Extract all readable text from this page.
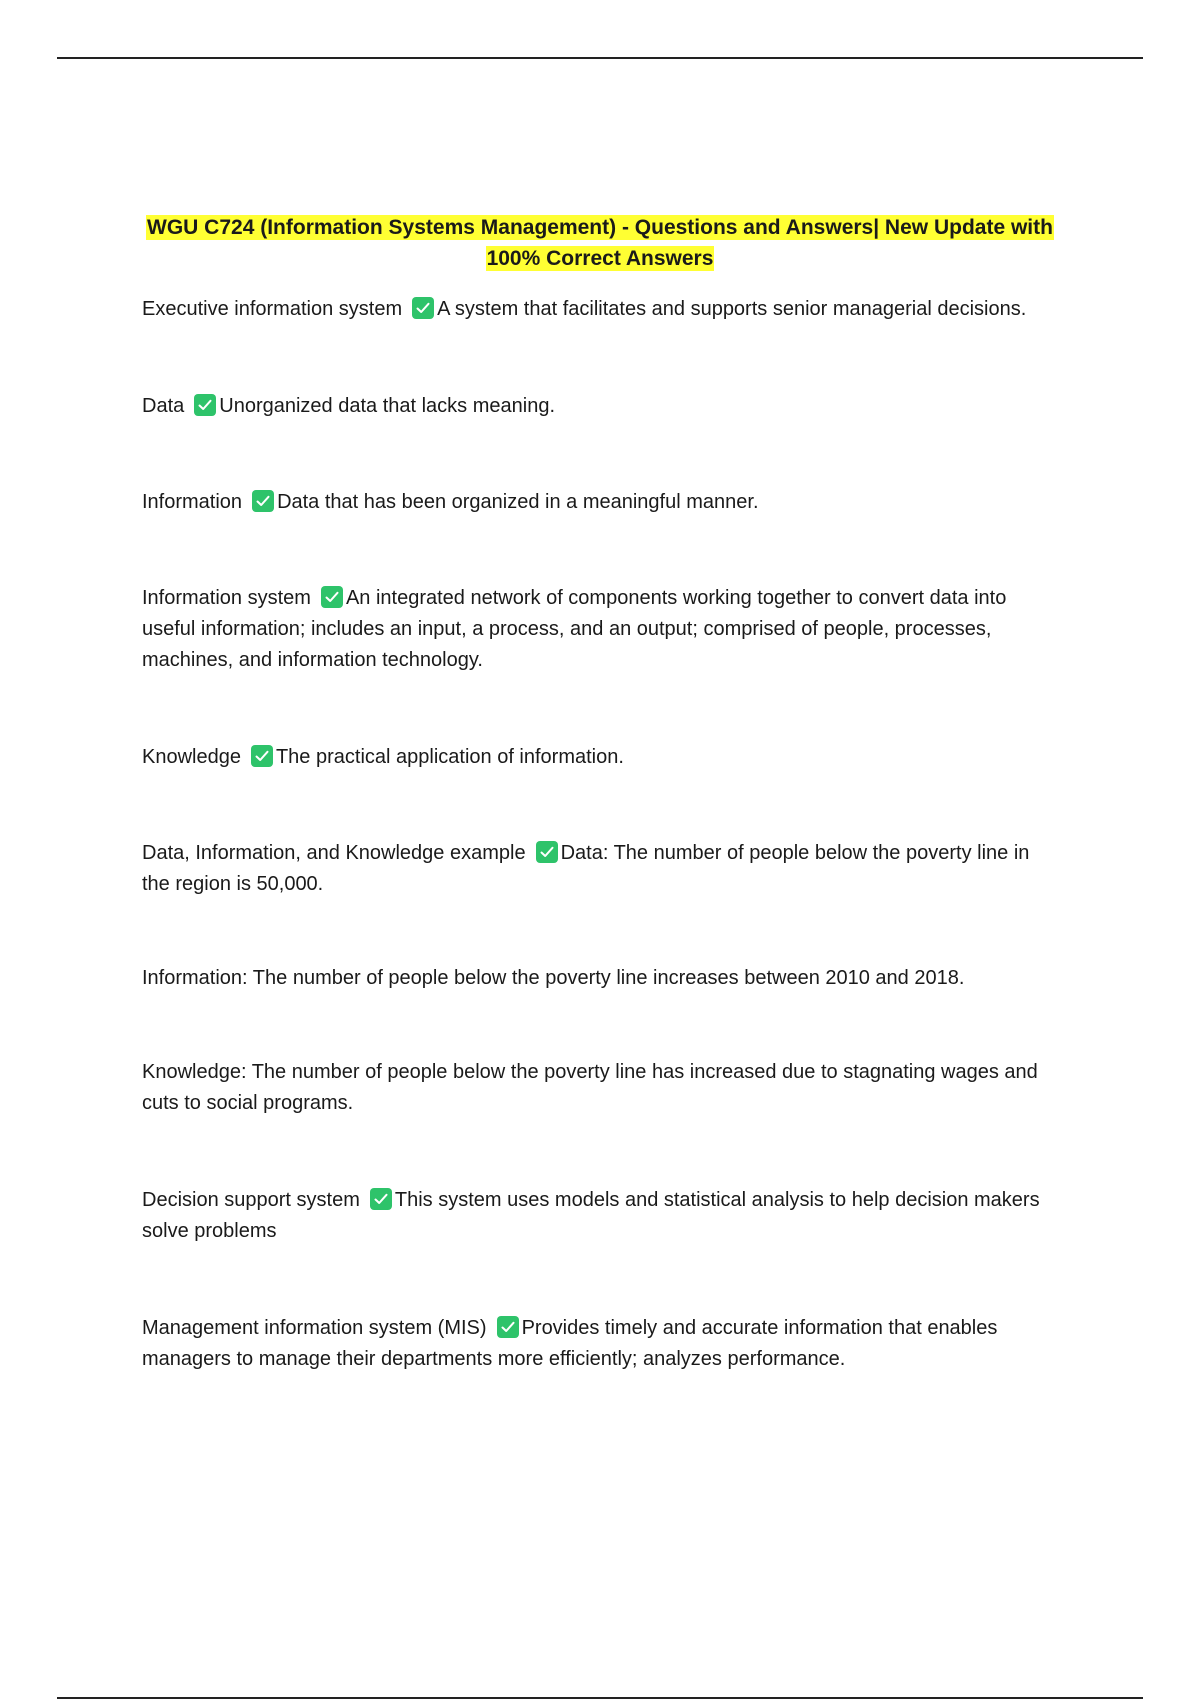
WGU C724 (Information Systems Management) - Questions and Answers| New Update with 100% Correct Answers
Executive information system A system that facilitates and supports senior managerial decisions.
Data Unorganized data that lacks meaning.
Information Data that has been organized in a meaningful manner.
Information system An integrated network of components working together to convert data into useful information; includes an input, a process, and an output; comprised of people, processes, machines, and information technology.
Knowledge The practical application of information.
Data, Information, and Knowledge example Data: The number of people below the poverty line in the region is 50,000.
Information: The number of people below the poverty line increases between 2010 and 2018.
Knowledge: The number of people below the poverty line has increased due to stagnating wages and cuts to social programs.
Decision support system This system uses models and statistical analysis to help decision makers solve problems
Management information system (MIS) Provides timely and accurate information that enables managers to manage their departments more efficiently; analyzes performance.
